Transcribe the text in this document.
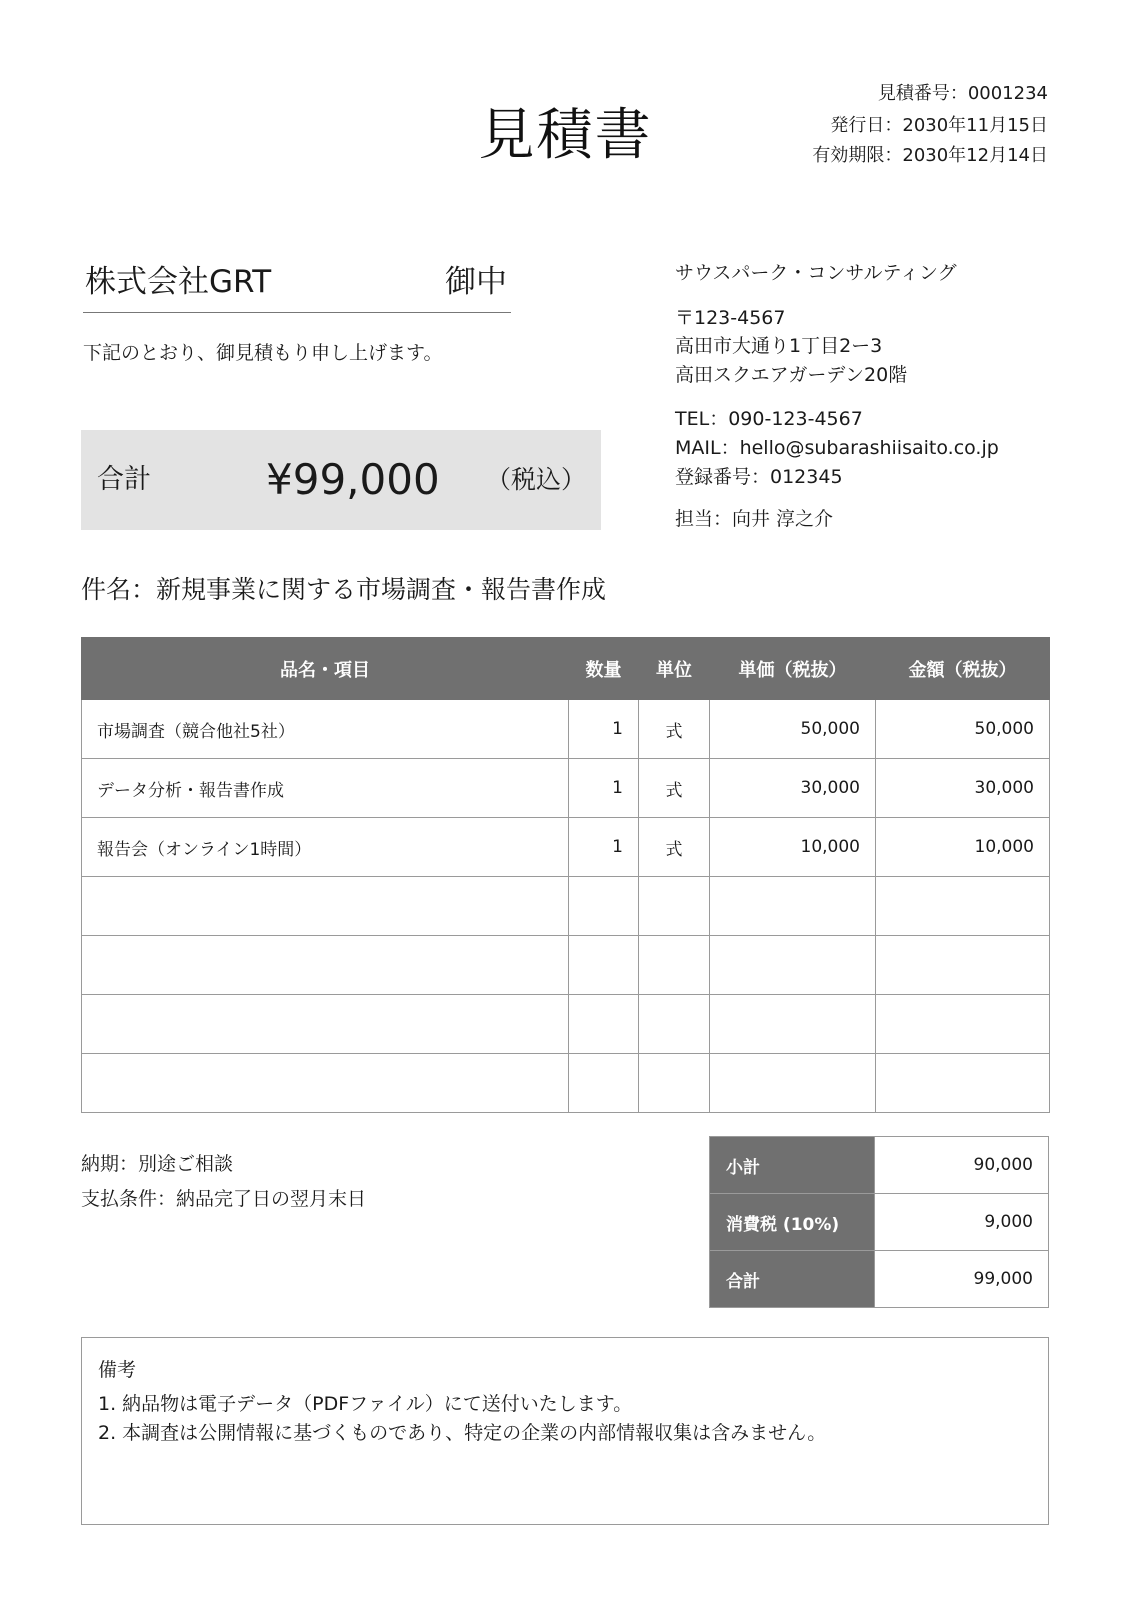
見積書
見積番号：0001234
発行日：2030年11月15日
有効期限：2030年12月14日
株式会社GRT	御中
下記のとおり、御見積もり申し上げます。
合計	¥99,000 （税込）
サウスパーク・コンサルティング
〒123-4567
高田市大通り1丁目2ー3
高田スクエアガーデン20階
TEL：090-123-4567
MAIL：hello@subarashiisaito.co.jp
登録番号：012345
担当：向井 淳之介
件名：新規事業に関する市場調査・報告書作成
品名・項目	数量	単位	単価（税抜）	金額（税抜）
市場調査（競合他社5社）	1	式	50,000	50,000
データ分析・報告書作成	1	式	30,000	30,000
報告会（オンライン1時間）	1	式	10,000	10,000

納期：別途ご相談
支払条件：納品完了日の翌月末日
小計	90,000
消費税 (10%)	9,000
合計	99,000
備考
1. 納品物は電子データ（PDFファイル）にて送付いたします。
2. 本調査は公開情報に基づくものであり、特定の企業の内部情報収集は含みません。
